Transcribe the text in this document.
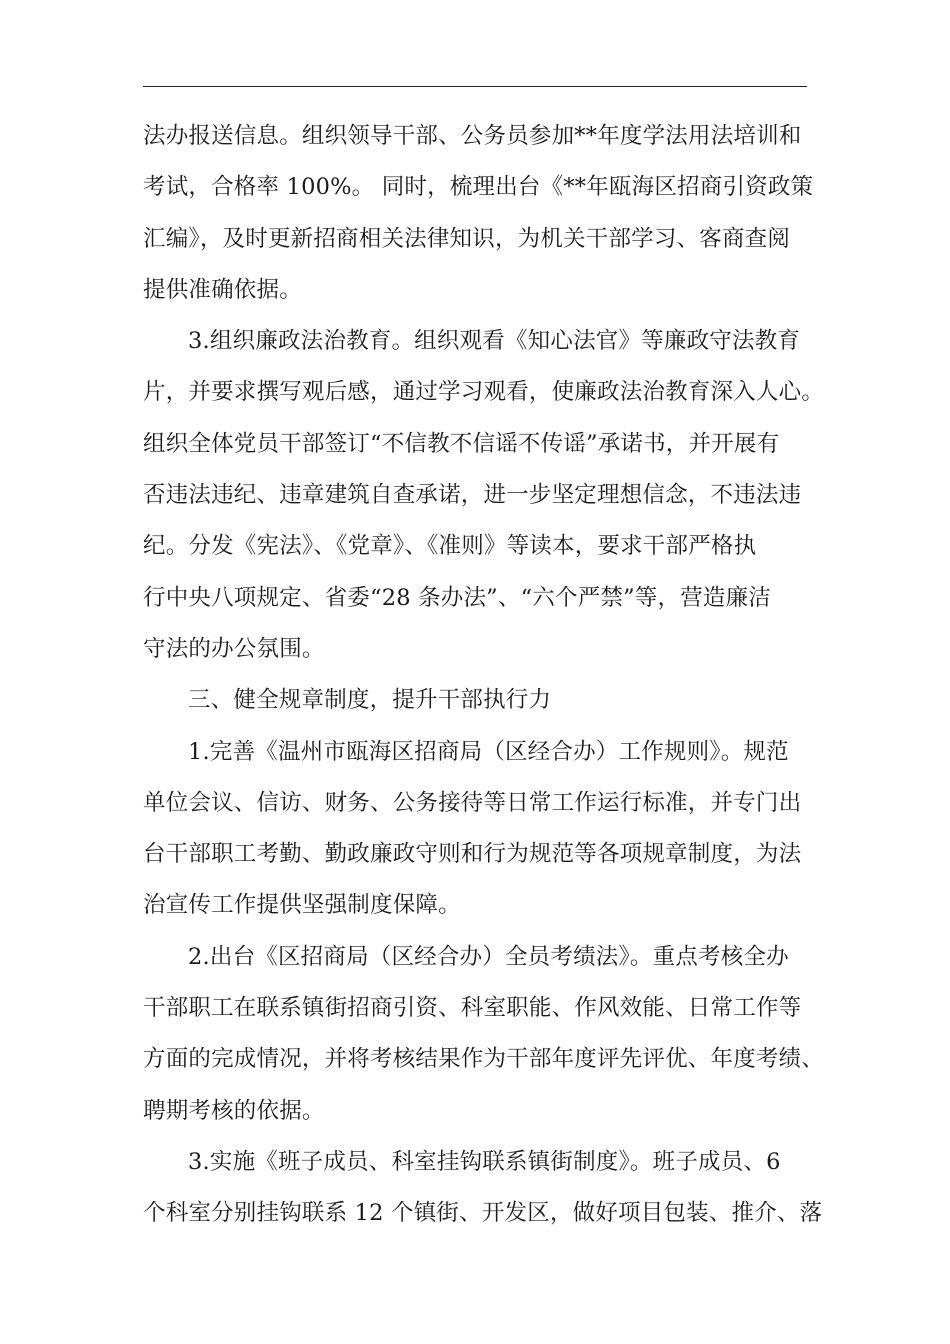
法办报送信息。组织领导干部、公务员参加**年度学法用法培训和
考试，合格率 100%。 同时，梳理出台《**年瓯海区招商引资政策
汇编》，及时更新招商相关法律知识，为机关干部学习、客商查阅
提供准确依据。
3.组织廉政法治教育。组织观看《知心法官》等廉政守法教育
片，并要求撰写观后感，通过学习观看，使廉政法治教育深入人心。
组织全体党员干部签订“不信教不信谣不传谣”承诺书，并开展有
否违法违纪、违章建筑自查承诺，进一步坚定理想信念，不违法违
纪。分发《宪法》、《党章》、《准则》等读本，要求干部严格执
行中央八项规定、省委“28 条办法”、“六个严禁”等，营造廉洁
守法的办公氛围。
三、健全规章制度，提升干部执行力
1.完善《温州市瓯海区招商局（区经合办）工作规则》。规范
单位会议、信访、财务、公务接待等日常工作运行标准，并专门出
台干部职工考勤、勤政廉政守则和行为规范等各项规章制度，为法
治宣传工作提供坚强制度保障。
2.出台《区招商局（区经合办）全员考绩法》。重点考核全办
干部职工在联系镇街招商引资、科室职能、作风效能、日常工作等
方面的完成情况，并将考核结果作为干部年度评先评优、年度考绩、
聘期考核的依据。
3.实施《班子成员、科室挂钩联系镇街制度》。班子成员、6
个科室分别挂钩联系 12 个镇街、开发区，做好项目包装、推介、落
